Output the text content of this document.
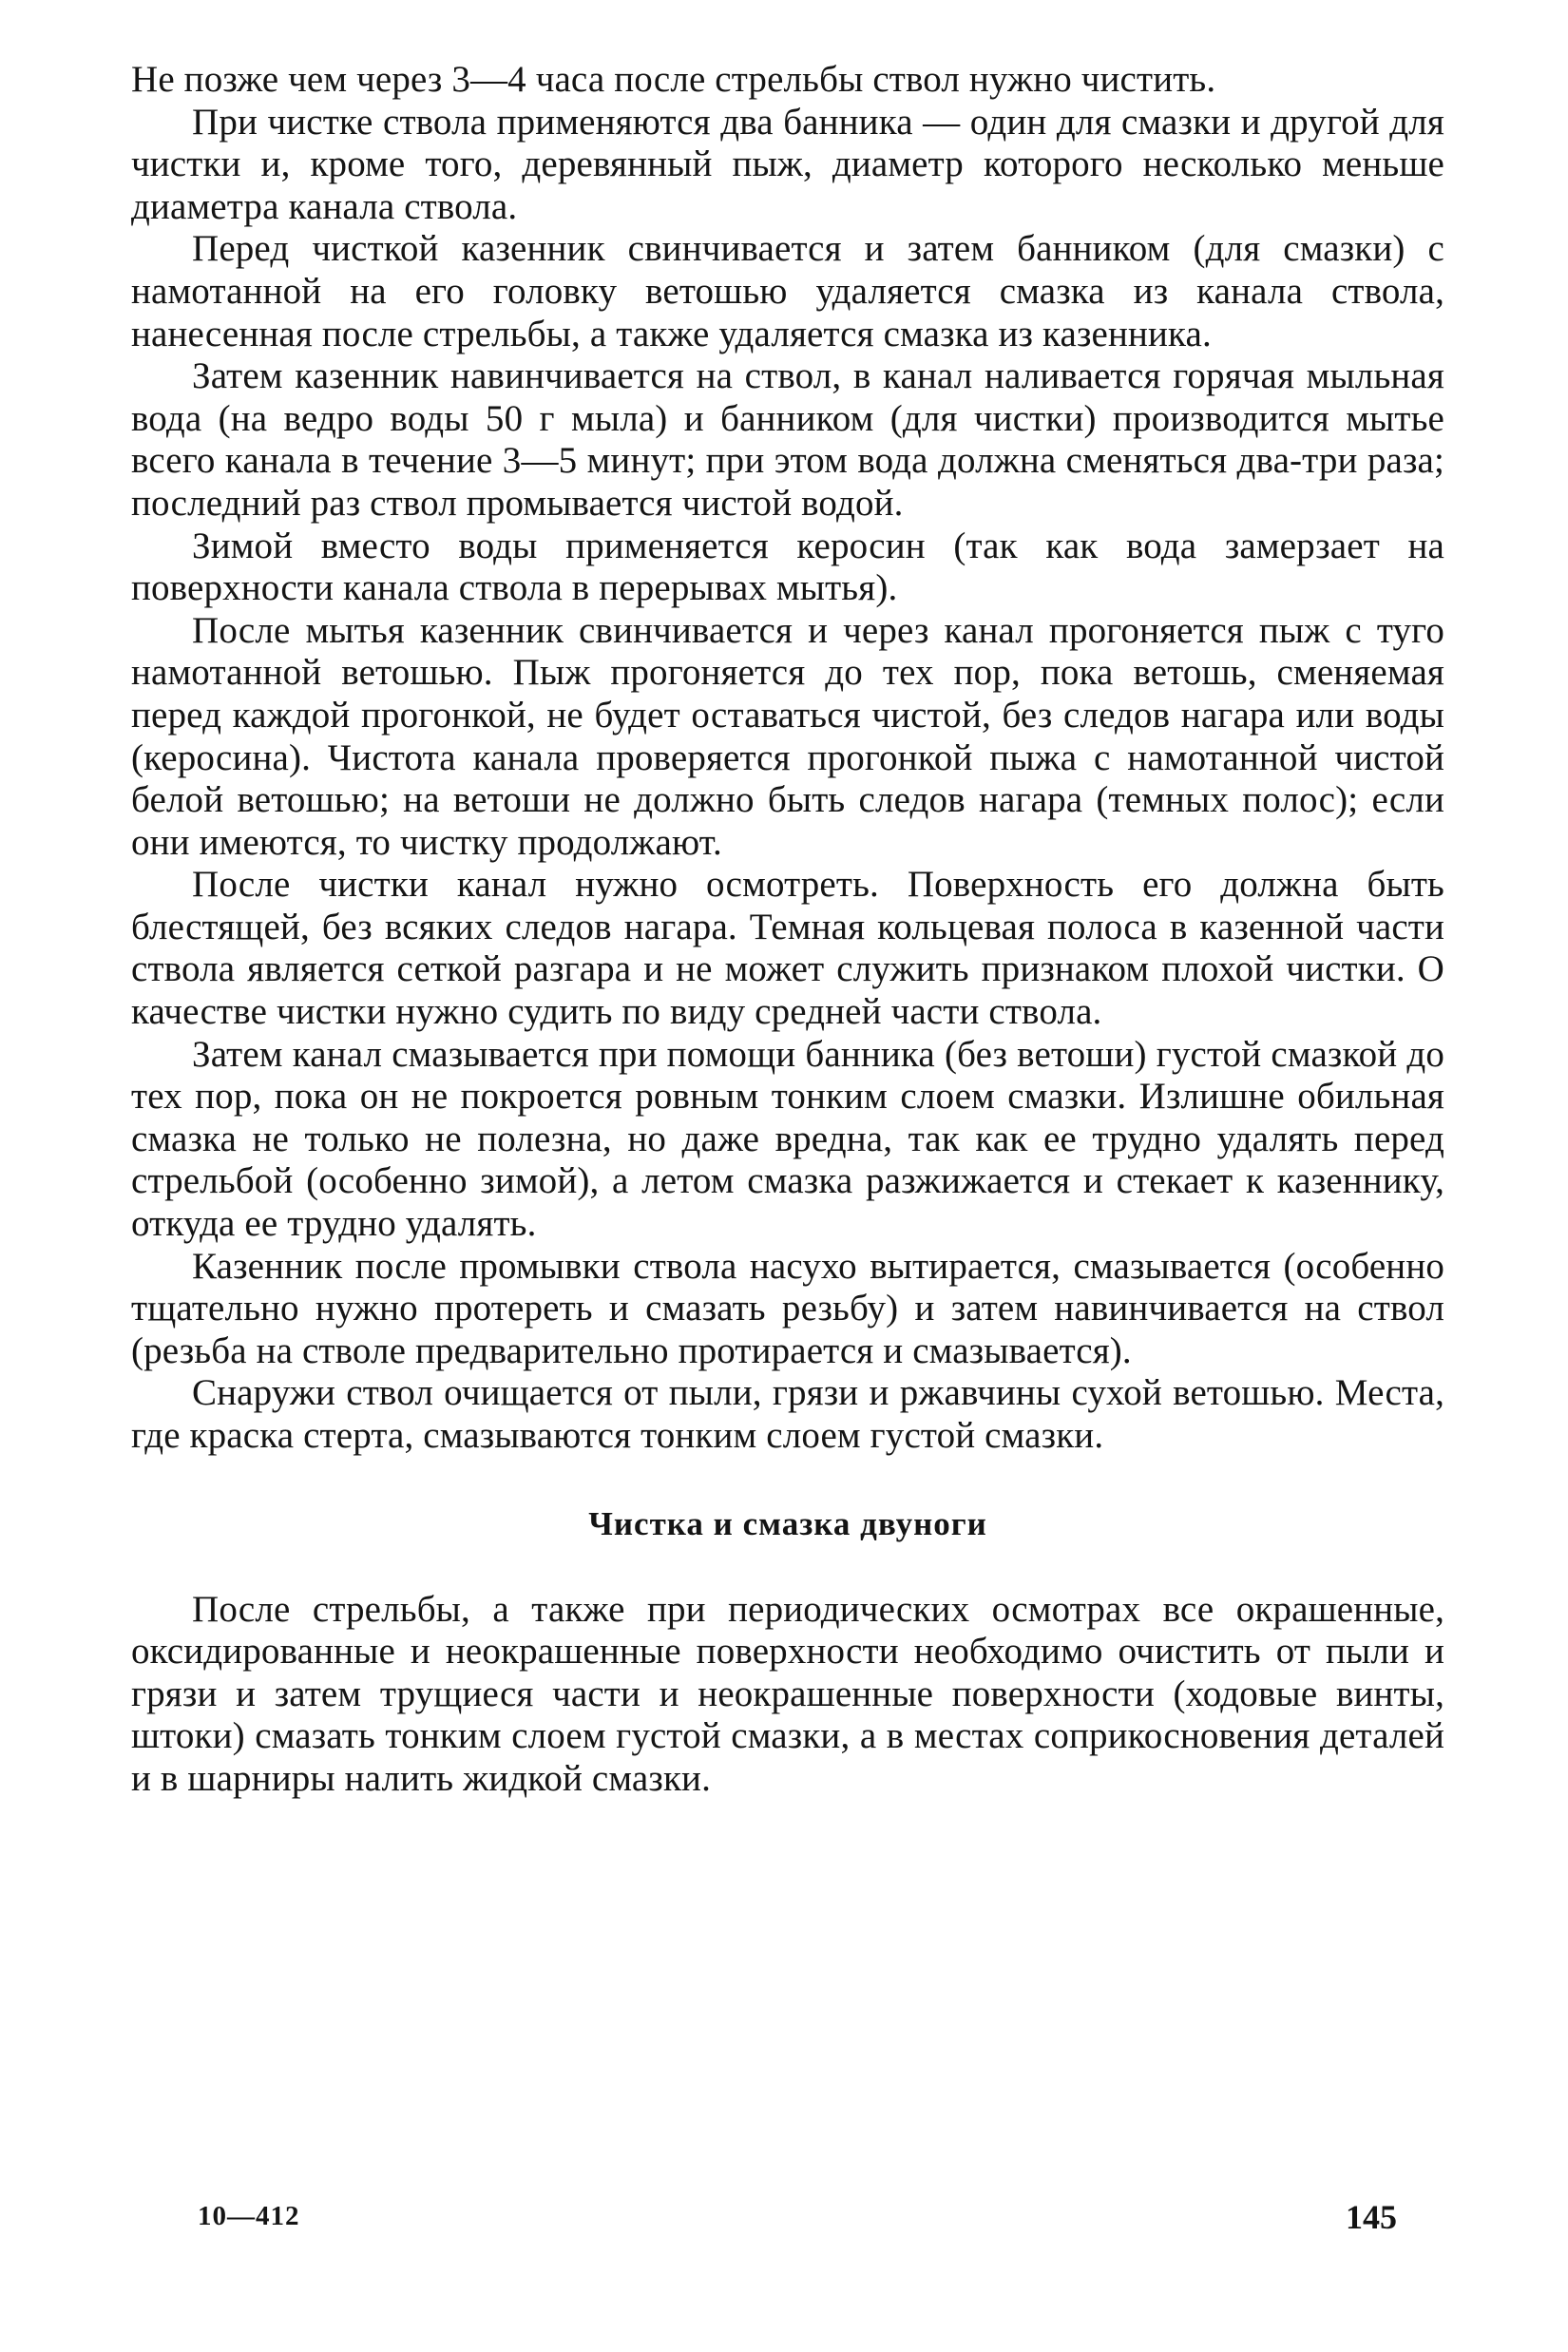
Не позже чем через 3—4 часа после стрельбы ствол нужно чистить.

При чистке ствола применяются два банника — один для смазки и другой для чистки и, кроме того, деревянный пыж, диаметр которого несколько меньше диаметра канала ствола.

Перед чисткой казенник свинчивается и затем банником (для смазки) с намотанной на его головку ветошью удаляется смазка из канала ствола, нанесенная после стрельбы, а также удаляется смазка из казенника.

Затем казенник навинчивается на ствол, в канал наливается горячая мыльная вода (на ведро воды 50 г мыла) и банником (для чистки) производится мытье всего канала в течение 3—5 минут; при этом вода должна сменяться два-три раза; последний раз ствол промывается чистой водой.

Зимой вместо воды применяется керосин (так как вода замерзает на поверхности канала ствола в перерывах мытья).

После мытья казенник свинчивается и через канал прогоняется пыж с туго намотанной ветошью. Пыж прогоняется до тех пор, пока ветошь, сменяемая перед каждой прогонкой, не будет оставаться чистой, без следов нагара или воды (керосина). Чистота канала проверяется прогонкой пыжа с намотанной чистой белой ветошью; на ветоши не должно быть следов нагара (темных полос); если они имеются, то чистку продолжают.

После чистки канал нужно осмотреть. Поверхность его должна быть блестящей, без всяких следов нагара. Темная кольцевая полоса в казенной части ствола является сеткой разгара и не может служить признаком плохой чистки. О качестве чистки нужно судить по виду средней части ствола.

Затем канал смазывается при помощи банника (без ветоши) густой смазкой до тех пор, пока он не покроется ровным тонким слоем смазки. Излишне обильная смазка не только не полезна, но даже вредна, так как ее трудно удалять перед стрельбой (особенно зимой), а летом смазка разжижается и стекает к казеннику, откуда ее трудно удалять.

Казенник после промывки ствола насухо вытирается, смазывается (особенно тщательно нужно протереть и смазать резьбу) и затем навинчивается на ствол (резьба на стволе предварительно протирается и смазывается).

Снаружи ствол очищается от пыли, грязи и ржавчины сухой ветошью. Места, где краска стерта, смазываются тонким слоем густой смазки.

Чистка и смазка двуноги

После стрельбы, а также при периодических осмотрах все окрашенные, оксидированные и неокрашенные поверхности необходимо очистить от пыли и грязи и затем трущиеся части и неокрашенные поверхности (ходовые винты, штоки) смазать тонким слоем густой смазки, а в местах соприкосновения деталей и в шарниры налить жидкой смазки.

10—412	145
